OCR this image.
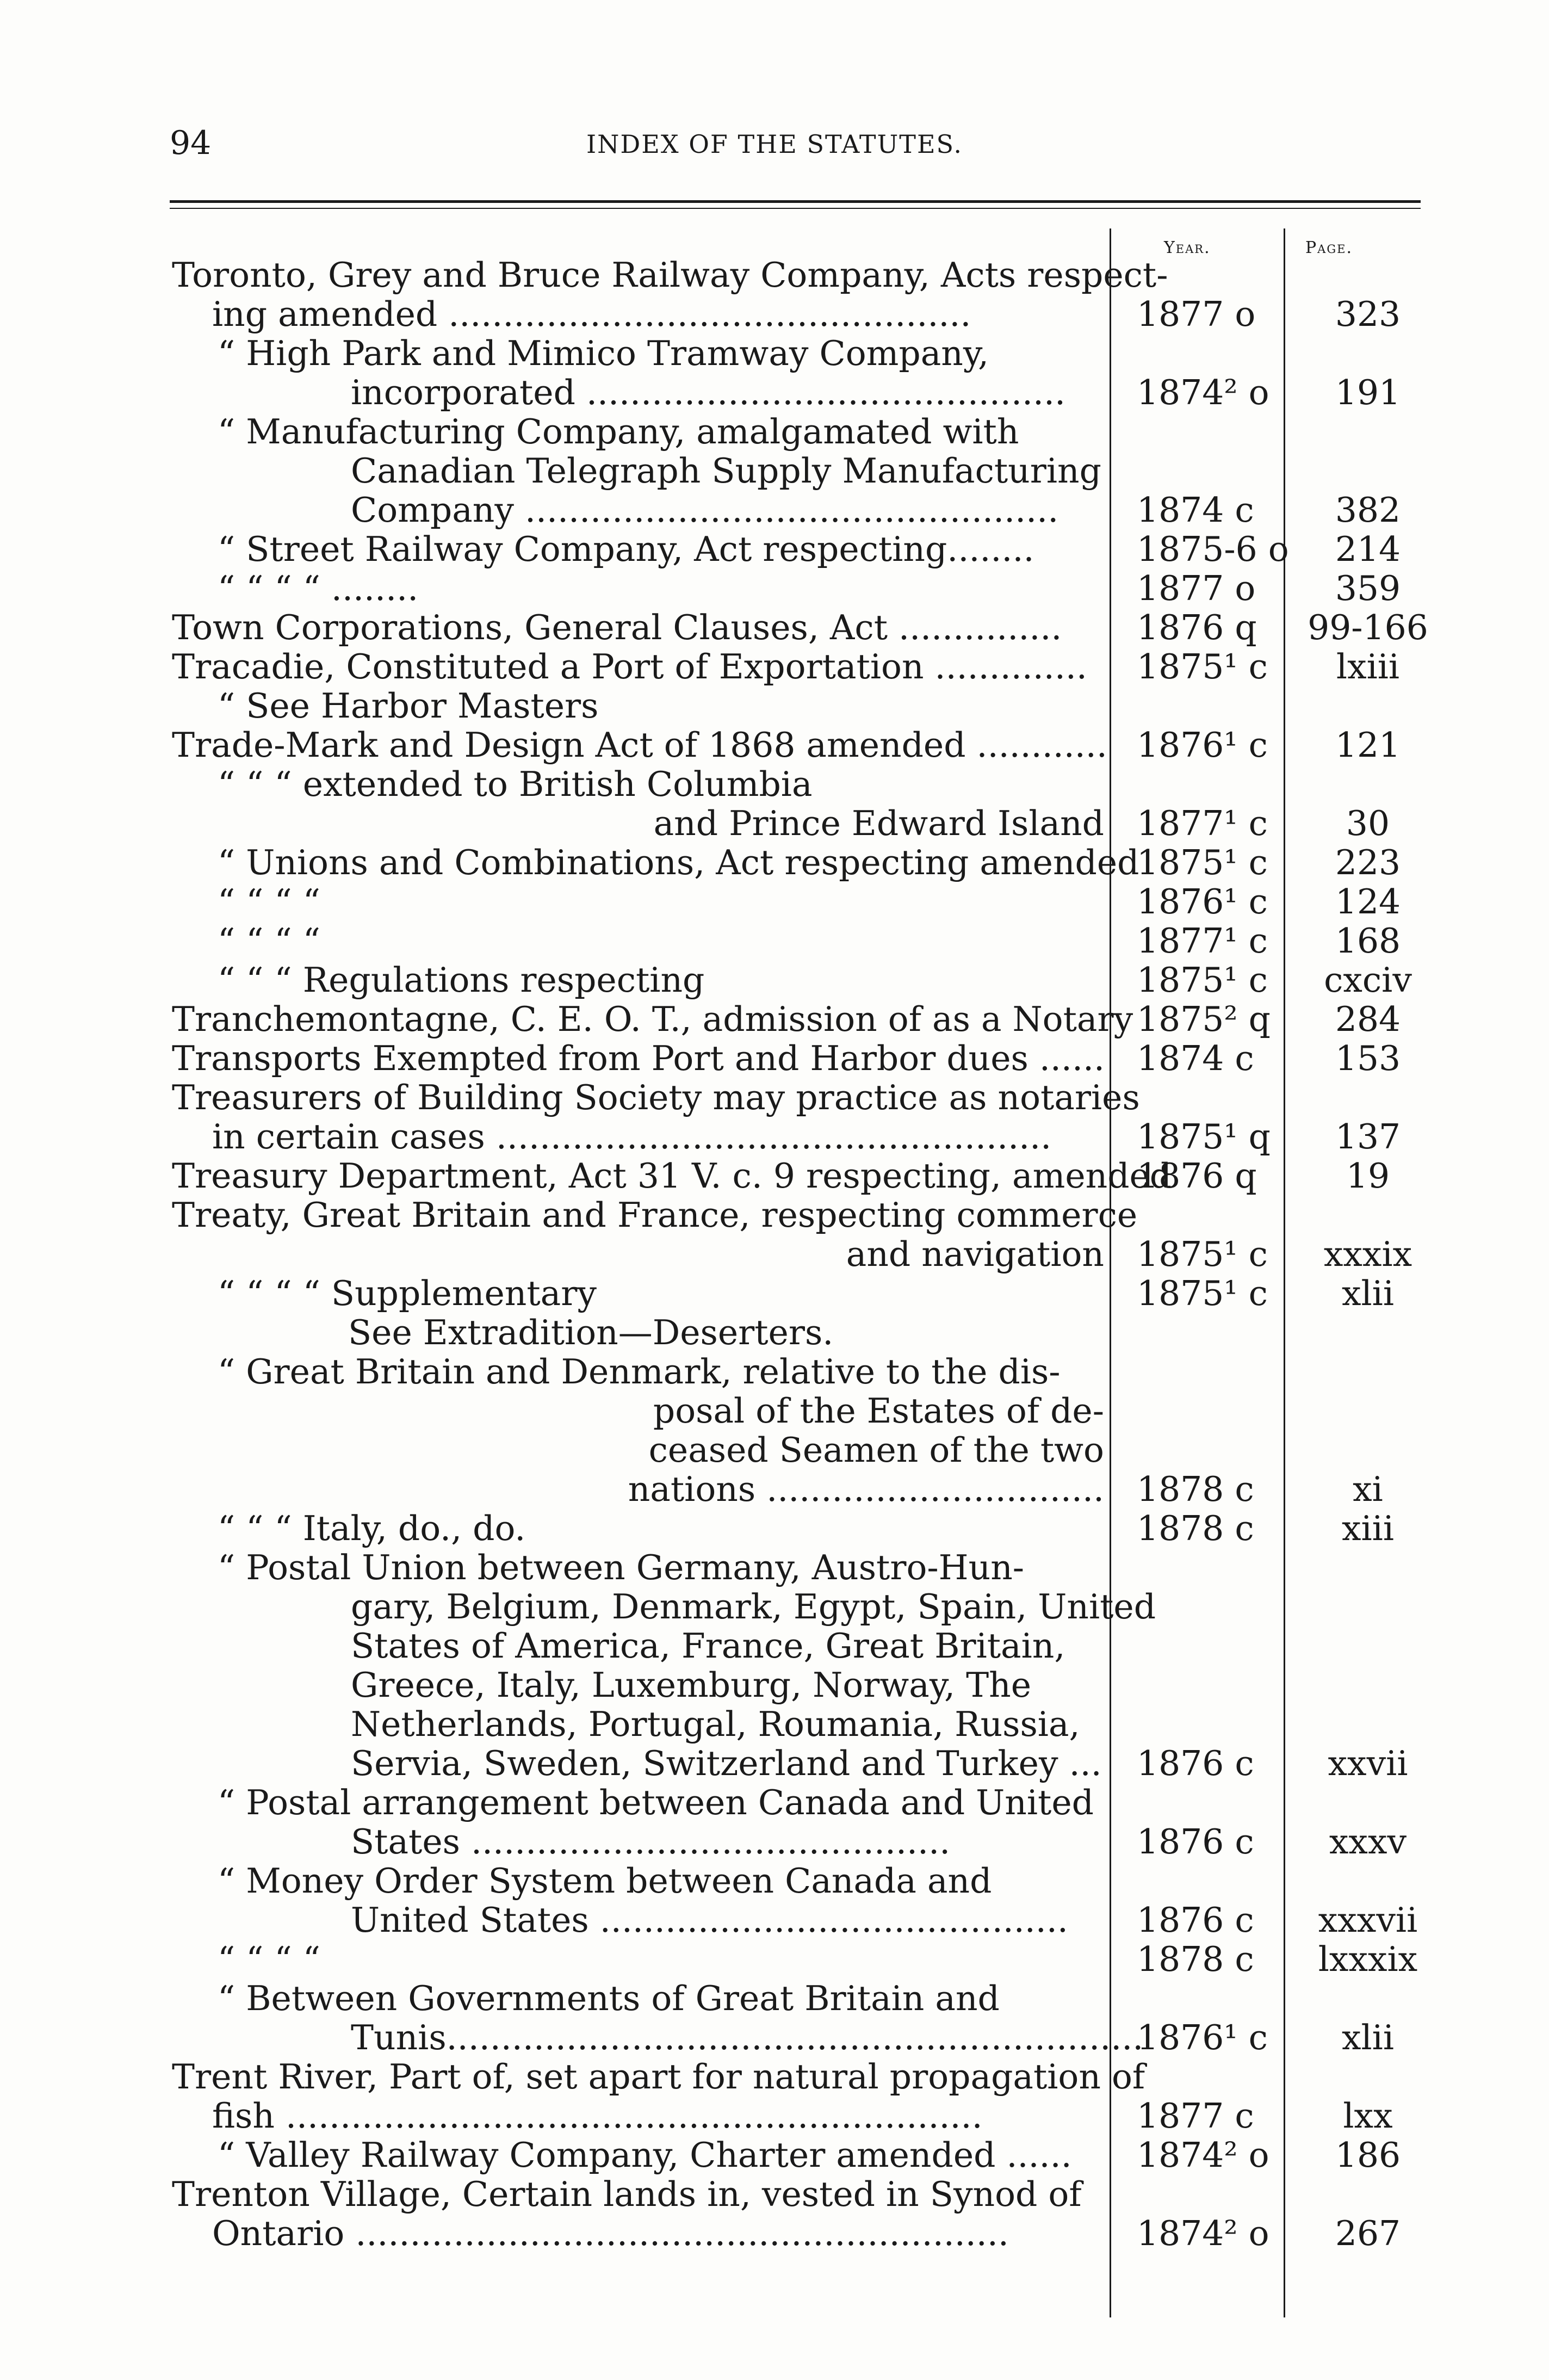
94	INDEX OF THE STATUTES.
Year.	Page.
Toronto, Grey and Bruce Railway Company, Acts respect-
ing amended ................................................	1877 o	323
“ High Park and Mimico Tramway Company,
incorporated ............................................ 1874² o	191
“ Manufacturing Company, amalgamated with
Canadian Telegraph Supply Manufacturing
Company ................................................. 1874 c	382
“ Street Railway Company, Act respecting........	1875-6 o	214
“ “ “ “ ........	1877 o	359
Town Corporations, General Clauses, Act ............... 1876 q	99-166
Tracadie, Constituted a Port of Exportation .............. 1875¹ c	lxiii
“ See Harbor Masters
Trade-Mark and Design Act of 1868 amended ............ 1876¹ c	121
“ “ “ extended to British Columbia
and Prince Edward Island 1877¹ c	30
“ Unions and Combinations, Act respecting amended
1875¹ c	223
“ “ “ “	1876¹ c	124
“ “ “ “	1877¹ c	168
“ “ “ Regulations respecting	1875¹ c	cxciv
Tranchemontagne, C. E. O. T., admission of as a Notary 1875² q	284
Transports Exempted from Port and Harbor dues ...... 1874 c	153
Treasurers of Building Society may practice as notaries
in certain cases ................................................... 1875¹ q	137
Treasury Department, Act 31 V. c. 9 respecting, amended
1876 q	19
Treaty, Great Britain and France, respecting commerce
and navigation 1875¹ c	xxxix
“ “ “ “ Supplementary	1875¹ c	xlii
See Extradition—Deserters.
“ Great Britain and Denmark, relative to the dis-
posal of the Estates of de-
ceased Seamen of the two
nations ............................... 1878 c	xi
“ “ “ Italy, do., do.	1878 c	xiii
“ Postal Union between Germany, Austro-Hun-
gary, Belgium, Denmark, Egypt, Spain, United
States of America, France, Great Britain,
Greece, Italy, Luxemburg, Norway, The
Netherlands, Portugal, Roumania, Russia,
Servia, Sweden, Switzerland and Turkey ... 1876 c	xxvii
“ Postal arrangement between Canada and United
States ............................................	1876 c	xxxv
“ Money Order System between Canada and
United States ........................................... 1876 c	xxxvii
“ “ “ “	1878 c	lxxxix
“ Between Governments of Great Britain and
Tunis................................................................
1876¹ c	xlii
Trent River, Part of, set apart for natural propagation of
fish ................................................................	1877 c	lxx
“ Valley Railway Company, Charter amended ...... 1874² o	186
Trenton Village, Certain lands in, vested in Synod of
Ontario ............................................................	1874² o	267
